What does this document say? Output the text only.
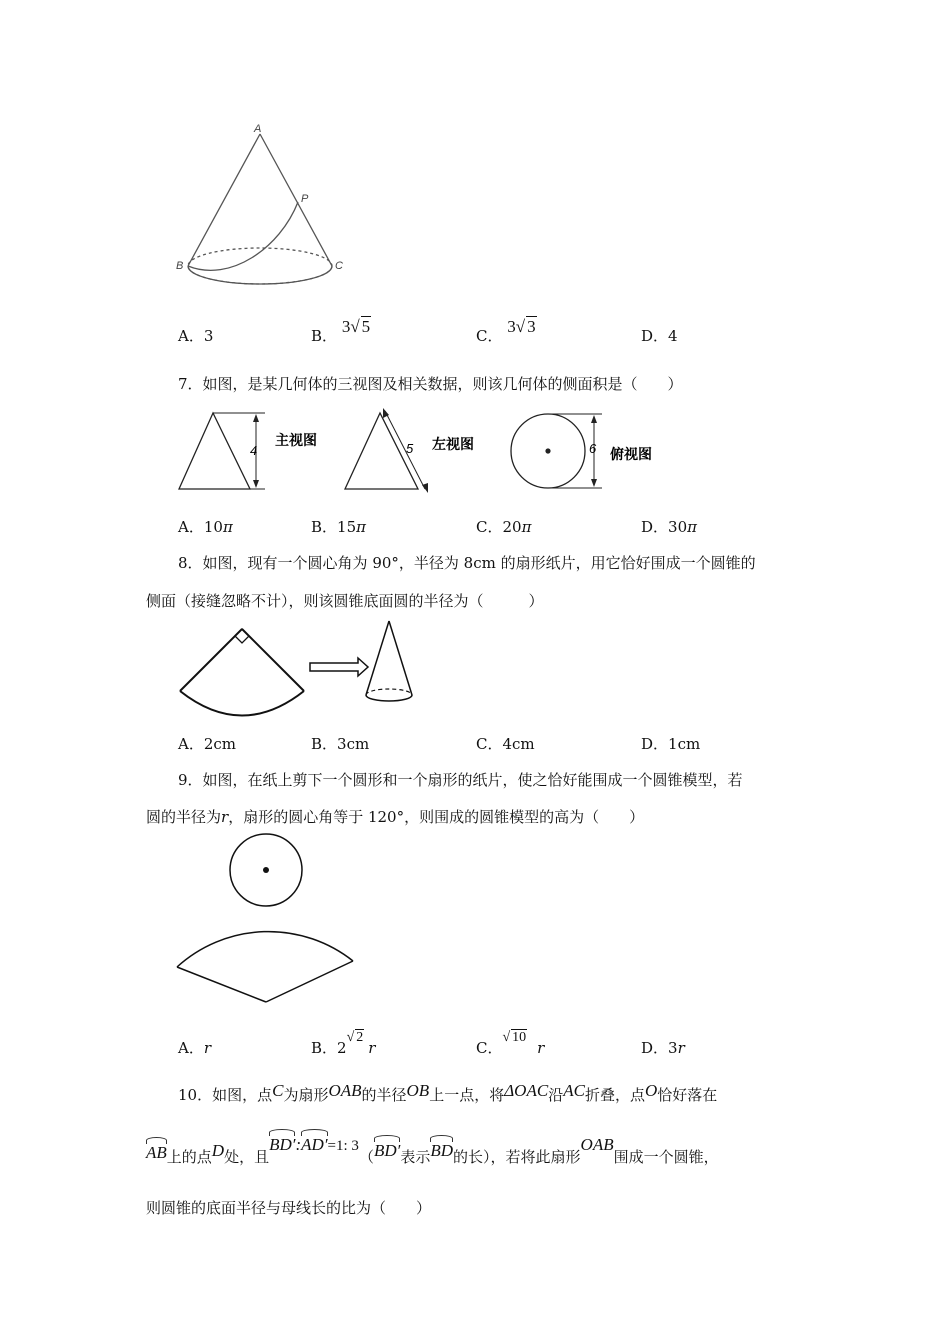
A
P
B	C
A．3	B． 3√ 5	C． 3√ 3	D．4
7．如图，是某几何体的三视图及相关数据，则该几何体的侧面积是（　　）
4
主视图
5 左视图	6 俯视图
A．10π	B．15π	C．20π	D．30π
8．如图，现有一个圆心角为 90°，半径为 8cm 的扇形纸片，用它恰好围成一个圆锥的
侧面（接缝忽略不计），则该圆锥底面圆的半径为（　　　）
A．2cm	B．3cm	C．4cm	D．1cm
9．如图，在纸上剪下一个圆形和一个扇形的纸片，使之恰好能围成一个圆锥模型，若
圆的半径为r，扇形的圆心角等于 120°，则围成的圆锥模型的高为（　　）
A．r	B．2√ 2r	C．√ 10r	D．3r
10．如图，点C为扇形OAB的半径OB上一点，将ΔOAC沿AC折叠，点O恰好落在
AB上的点D处，且BD′:AD′=1: 3（BD′表示BD的长），若将此扇形OAB围成一个圆锥，
则圆锥的底面半径与母线长的比为（　　）
